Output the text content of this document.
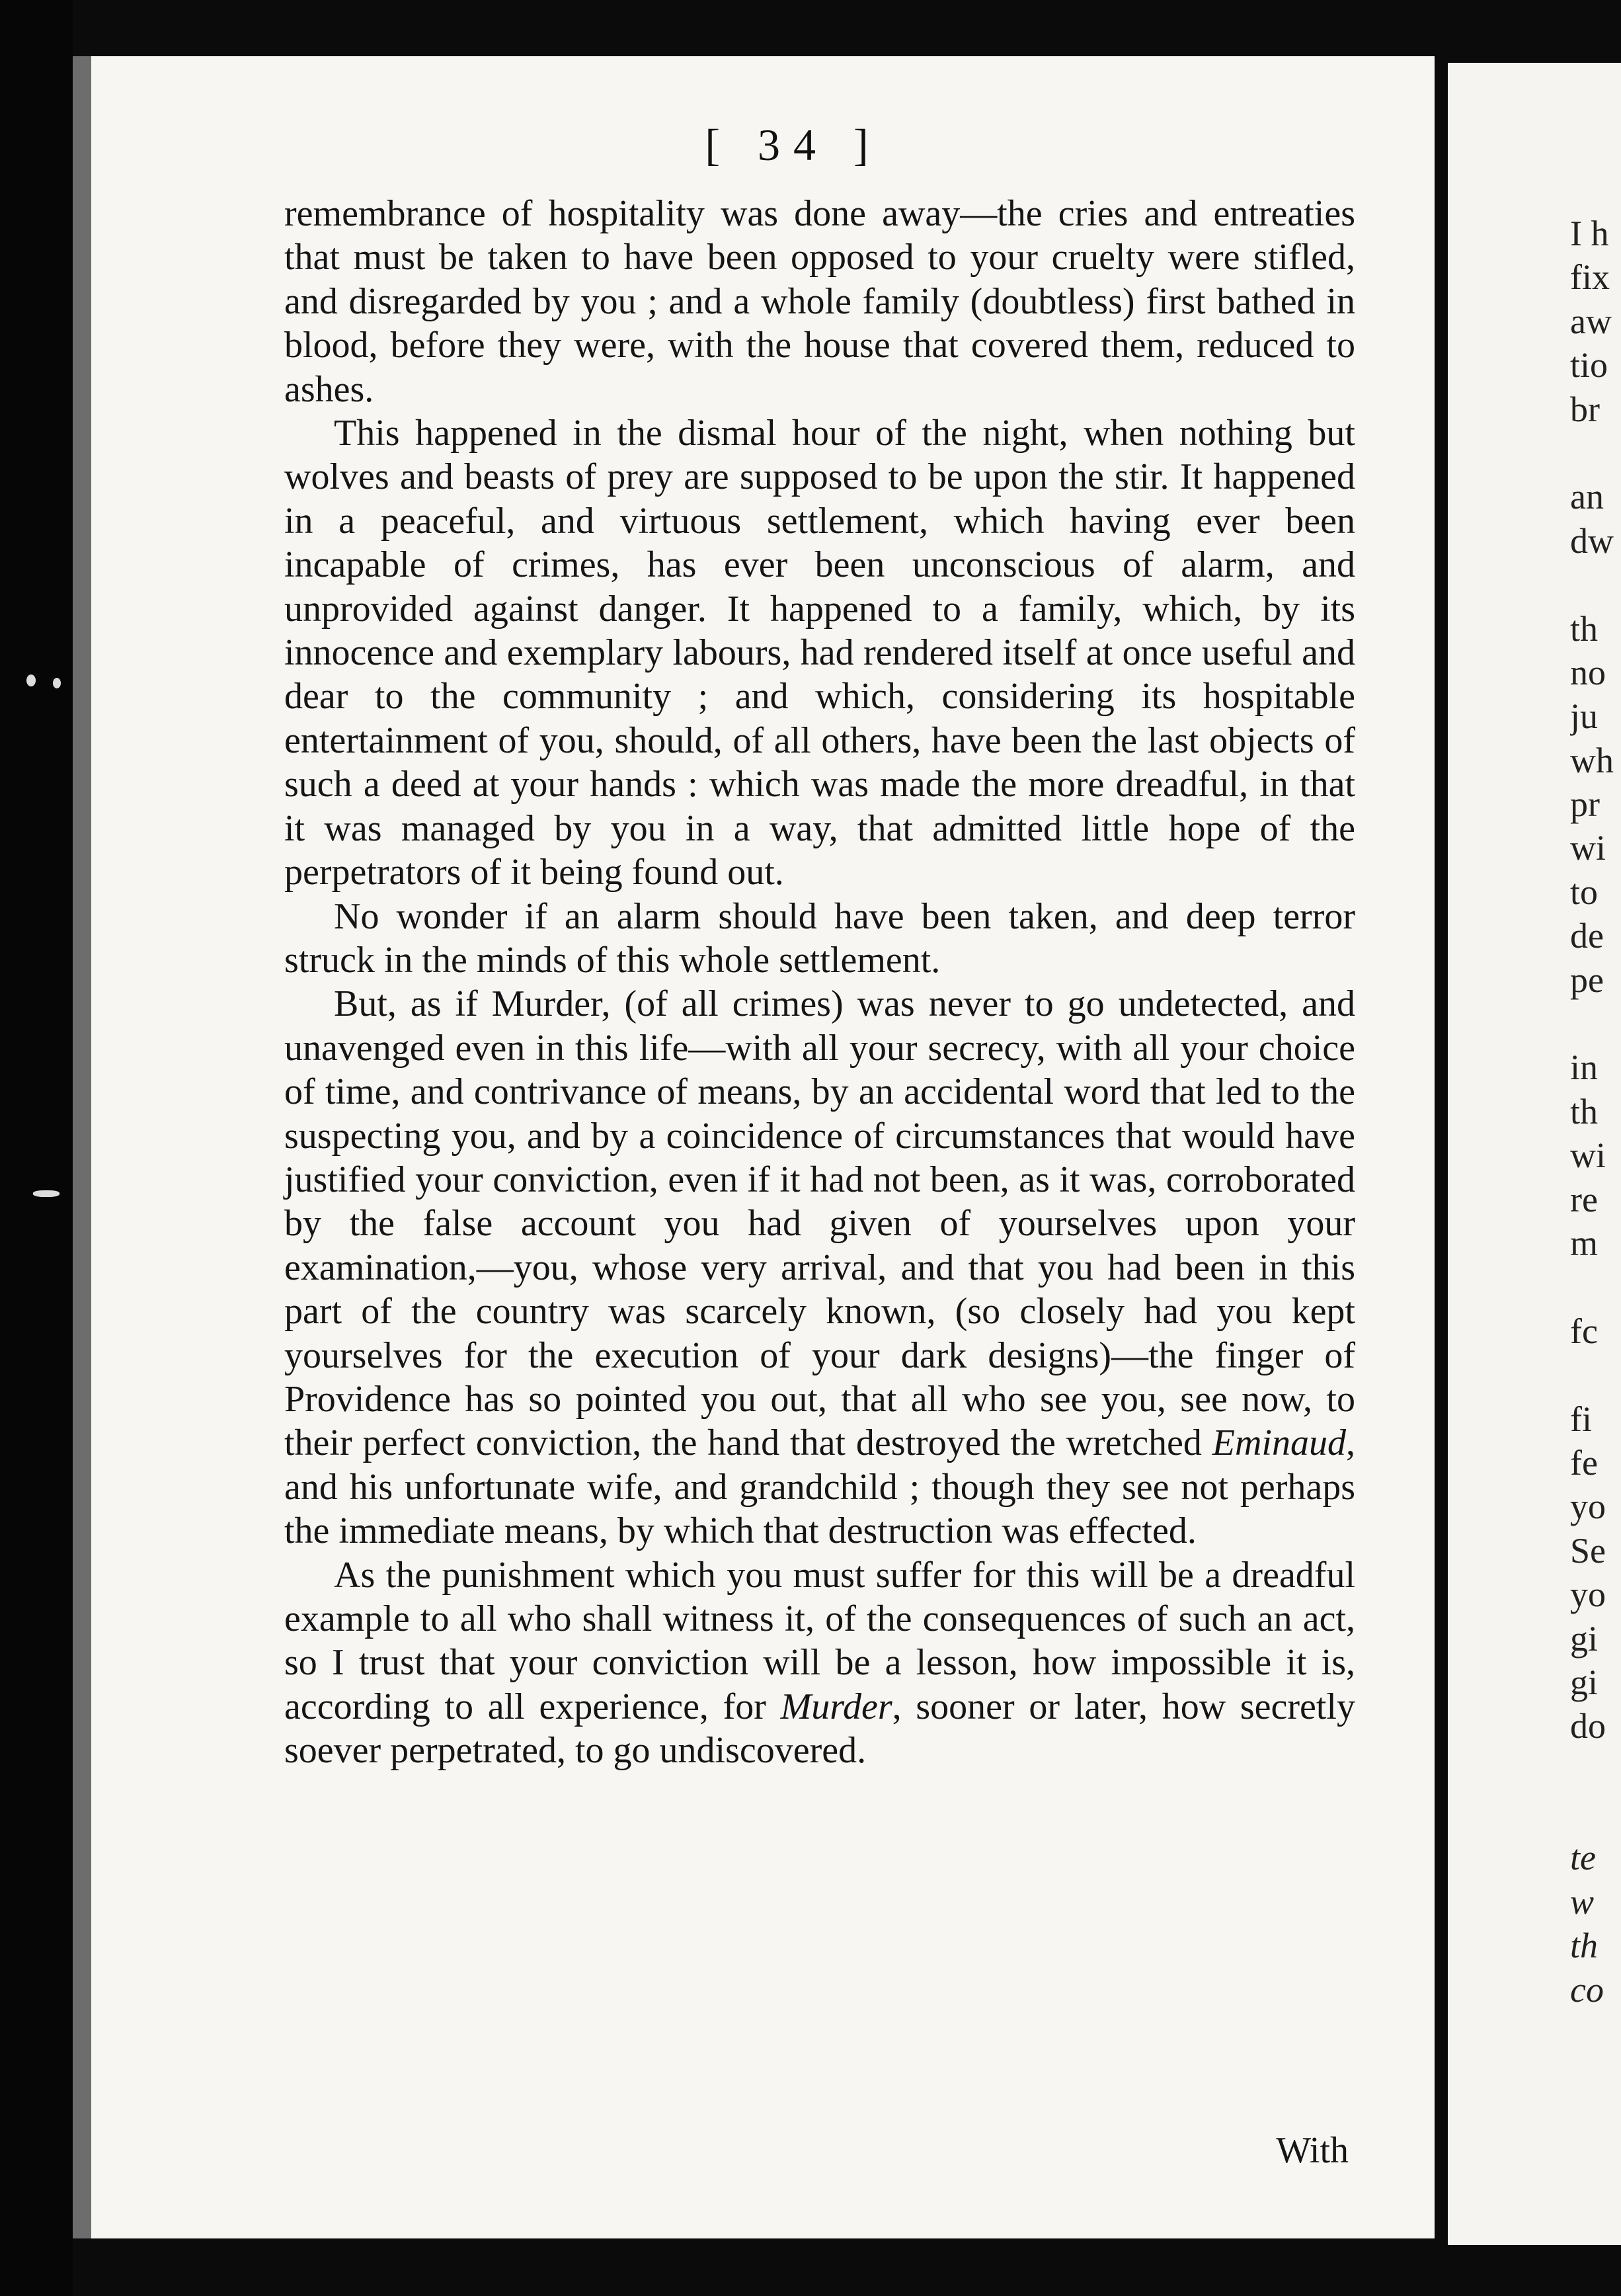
[ 34 ]

remembrance of hospitality was done away—the cries and entreaties that must be taken to have been opposed to your cruelty were stifled, and disregarded by you ; and a whole family (doubtless) first bathed in blood, before they were, with the house that covered them, reduced to ashes.

This happened in the dismal hour of the night, when nothing but wolves and beasts of prey are supposed to be upon the stir. It happened in a peaceful, and virtuous settlement, which having ever been incapable of crimes, has ever been unconscious of alarm, and unprovided against danger. It happened to a family, which, by its innocence and exemplary labours, had rendered itself at once useful and dear to the community ; and which, considering its hospitable entertainment of you, should, of all others, have been the last objects of such a deed at your hands : which was made the more dreadful, in that it was managed by you in a way, that admitted little hope of the perpetrators of it being found out.

No wonder if an alarm should have been taken, and deep terror struck in the minds of this whole settlement.

But, as if Murder, (of all crimes) was never to go undetected, and unavenged even in this life—with all your secrecy, with all your choice of time, and contrivance of means, by an accidental word that led to the suspecting you, and by a coincidence of circumstances that would have justified your conviction, even if it had not been, as it was, corroborated by the false account you had given of yourselves upon your examination,—you, whose very arrival, and that you had been in this part of the country was scarcely known, (so closely had you kept yourselves for the execution of your dark designs)—the finger of Providence has so pointed you out, that all who see you, see now, to their perfect conviction, the hand that destroyed the wretched Eminaud, and his unfortunate wife, and grandchild ; though they see not perhaps the immediate means, by which that destruction was effected.

As the punishment which you must suffer for this will be a dreadful example to all who shall witness it, of the consequences of such an act, so I trust that your conviction will be a lesson, how impossible it is, according to all experience, for Murder, sooner or later, how secretly soever perpetrated, to go undiscovered.

With
I h
fix
aw
tio
br
an
dw
th
no
ju
wh
pr
wi
to
de
pe
in
th
wi
re
m
fc
fi
fe
yo
Se
yo
gi
gi
do
te
w
th
co
